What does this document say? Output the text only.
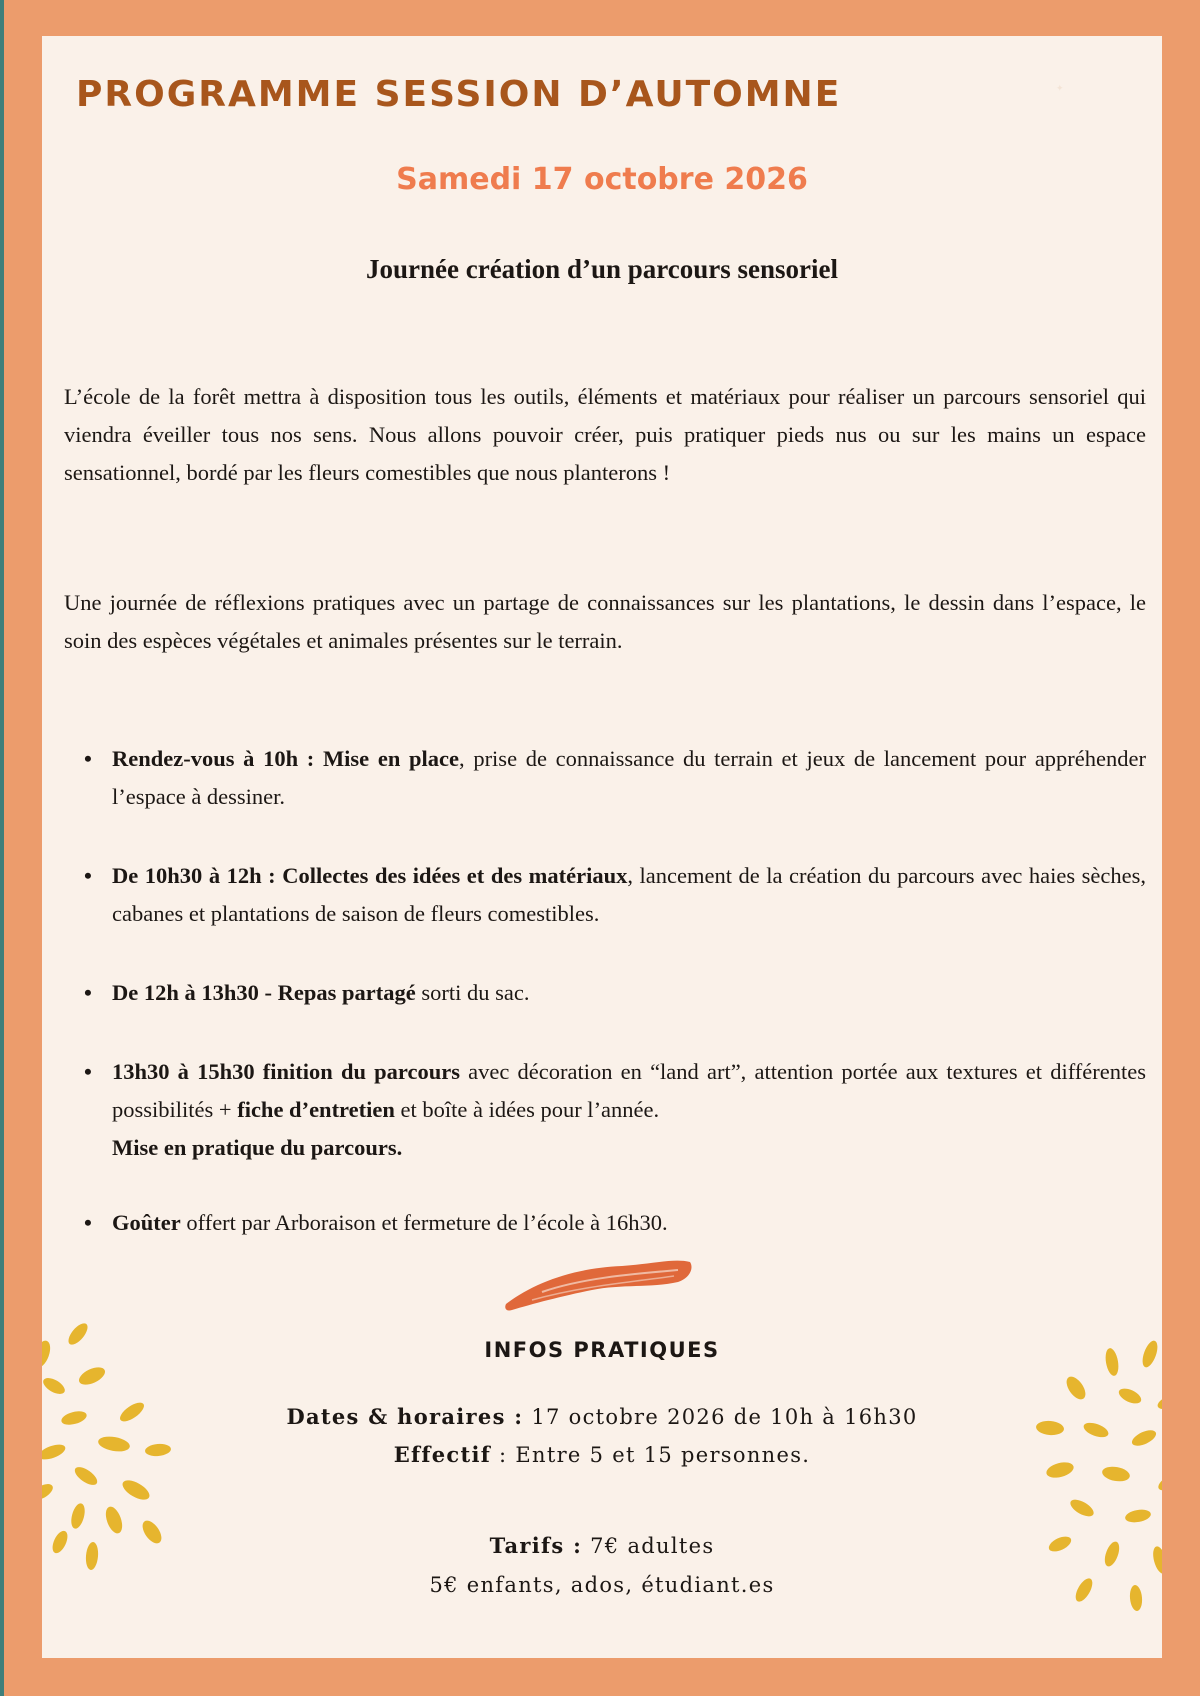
✦
PROGRAMME SESSION D’AUTOMNE
Samedi 17 octobre 2026
Journée création d’un parcours sensoriel

L’école de la forêt mettra à disposition tous les outils, éléments et matériaux pour réaliser un parcours sensoriel qui viendra éveiller tous nos sens. Nous allons pouvoir créer, puis pratiquer pieds nus ou sur les mains un espace sensationnel, bordé par les fleurs comestibles que nous planterons !

Une journée de réflexions pratiques avec un partage de connaissances sur les plantations, le dessin dans l’espace, le soin des espèces végétales et animales présentes sur le terrain.

• Rendez-vous à 10h : Mise en place, prise de connaissance du terrain et jeux de lancement pour appréhender l’espace à dessiner.
• De 10h30 à 12h : Collectes des idées et des matériaux, lancement de la création du parcours avec haies sèches, cabanes et plantations de saison de fleurs comestibles.
• De 12h à 13h30 - Repas partagé sorti du sac.
• 13h30 à 15h30 finition du parcours avec décoration en “land art”, attention portée aux textures et différentes possibilités + fiche d’entretien et boîte à idées pour l’année.
Mise en pratique du parcours.
• Goûter offert par Arboraison et fermeture de l’école à 16h30.
INFOS PRATIQUES

Dates & horaires : 17 octobre 2026 de 10h à 16h30

Effectif : Entre 5 et 15 personnes.

Tarifs : 7€ adultes

5€ enfants, ados, étudiant.es
